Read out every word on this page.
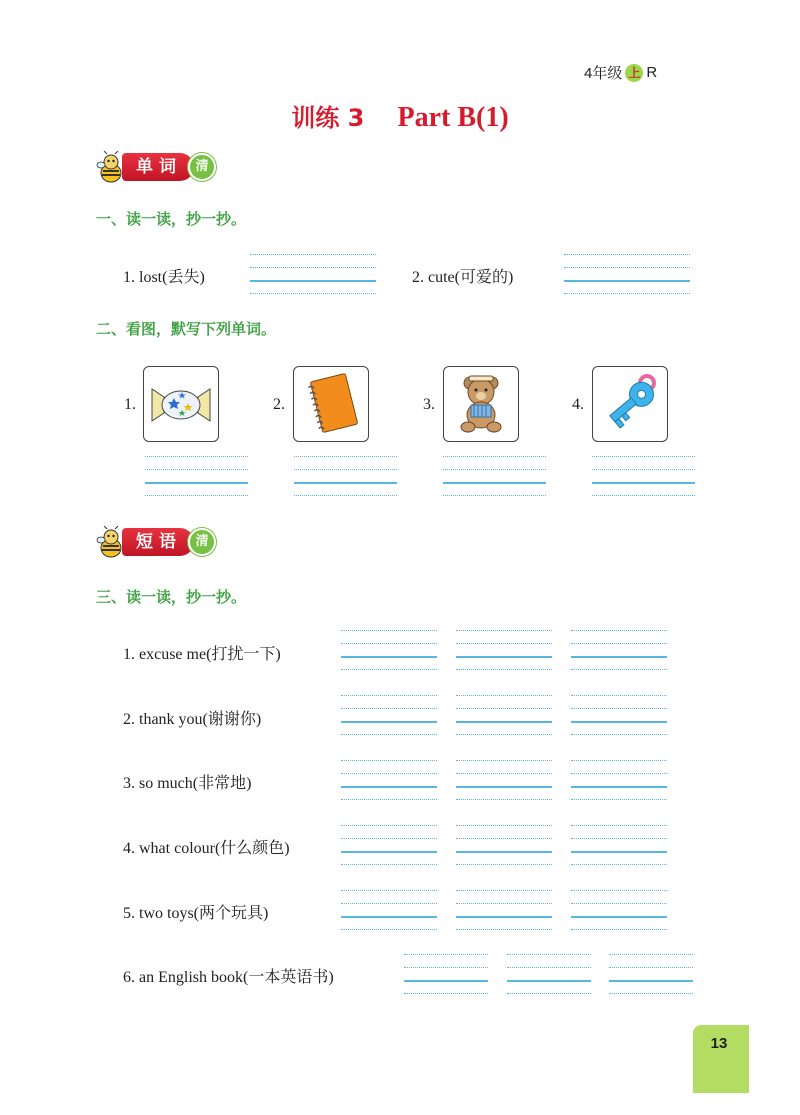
4年级 上 R
训练 3 Part B(1)
单词	清
一、读一读，抄一抄。
1. lost(丢失)	2. cute(可爱的)
二、看图，默写下列单词。
1.	2.	3.	4.
短语	清
三、读一读，抄一抄。
1. excuse me(打扰一下)
2. thank you(谢谢你)
3. so much(非常地)
4. what colour(什么颜色)
5. two toys(两个玩具)
6. an English book(一本英语书)
13
